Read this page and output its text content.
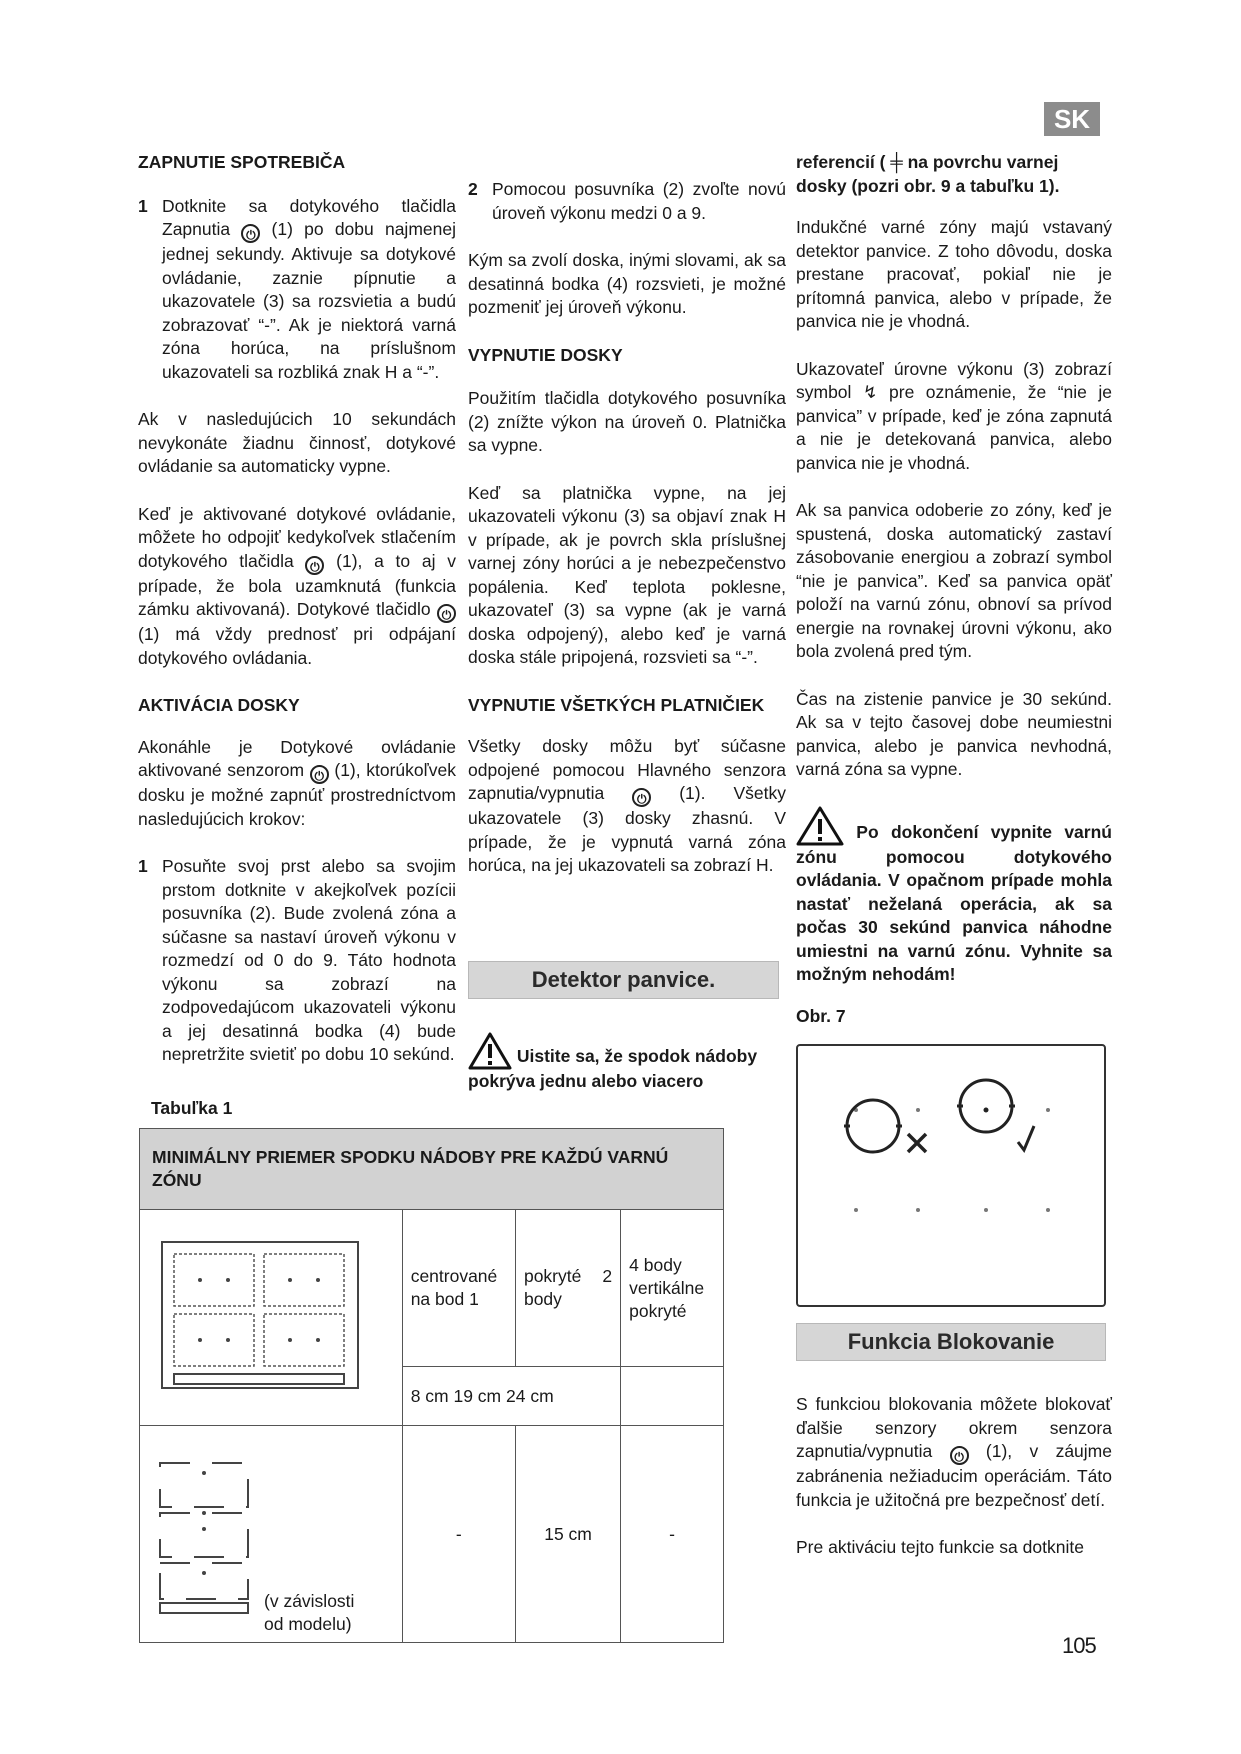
SK

ZAPNUTIE SPOTREBIČA

1 Dotknite sa dotykového tlačidla Zapnutia ⏻ (1) po dobu najmenej jednej sekundy. Aktivuje sa dotykové ovládanie, zaznie pípnutie a ukazovatele (3) sa rozsvietia a budú zobrazovať “-”. Ak je niektorá varná zóna horúca, na príslušnom ukazovateli sa rozbliká znak H a “-”.

Ak v nasledujúcich 10 sekundách nevykonáte žiadnu činnosť, dotykové ovládanie sa automaticky vypne.

Keď je aktivované dotykové ovládanie, môžete ho odpojiť kedykoľvek stlačením dotykového tlačidla ⏻ (1), a to aj v prípade, že bola uzamknutá (funkcia zámku aktivovaná). Dotykové tlačidlo ⏻ (1) má vždy prednosť pri odpájaní dotykového ovládania.

AKTIVÁCIA DOSKY

Akonáhle je Dotykové ovládanie aktivované senzorom ⏻ (1), ktorúkoľvek dosku je možné zapnúť prostredníctvom nasledujúcich krokov:

1 Posuňte svoj prst alebo sa svojim prstom dotknite v akejkoľvek pozícii posuvníka (2). Bude zvolená zóna a súčasne sa nastaví úroveň výkonu v rozmedzí od 0 do 9. Táto hodnota výkonu sa zobrazí na zodpovedajúcom ukazovateli výkonu a jej desatinná bodka (4) bude nepretržite svietiť po dobu 10 sekúnd.
Tabuľka 1
2 Pomocou posuvníka (2) zvoľte novú úroveň výkonu medzi 0 a 9.

Kým sa zvolí doska, inými slovami, ak sa desatinná bodka (4) rozsvieti, je možné pozmeniť jej úroveň výkonu.

VYPNUTIE DOSKY

Použitím tlačidla dotykového posuvníka (2) znížte výkon na úroveň 0. Platnička sa vypne.

Keď sa platnička vypne, na jej ukazovateli výkonu (3) sa objaví znak H v prípade, ak je povrch skla príslušnej varnej zóny horúci a je nebezpečenstvo popálenia. Keď teplota poklesne, ukazovateľ (3) sa vypne (ak je varná doska odpojený), alebo keď je varná doska stále pripojená, rozsvieti sa “-”.

VYPNUTIE VŠETKÝCH PLATNIČIEK

Všetky dosky môžu byť súčasne odpojené pomocou Hlavného senzora zapnutia/vypnutia	⏻ (1). Všetky ukazovatele (3) dosky zhasnú. V prípade, že je vypnutá varná zóna horúca, na jej ukazovateli sa zobrazí H.

Detektor panvice.
Uistite sa, že spodok nádoby pokrýva jednu alebo viacero

referencií ( ╪ na povrchu varnej dosky (pozri obr. 9 a tabuľku 1).

Indukčné varné zóny majú vstavaný detektor panvice. Z toho dôvodu, doska prestane pracovať, pokiaľ nie je prítomná panvica, alebo v prípade, že panvica nie je vhodná.

Ukazovateľ úrovne výkonu (3) zobrazí symbol ↯ pre oznámenie, že “nie je panvica” v prípade, keď je zóna zapnutá a nie je detekovaná panvica, alebo panvica nie je vhodná.

Ak sa panvica odoberie zo zóny, keď je spustená, doska automatický zastaví zásobovanie energiou a zobrazí symbol “nie je panvica”. Keď sa panvica opäť položí na varnú zónu, obnoví sa prívod energie na rovnakej úrovni výkonu, ako bola zvolená pred tým.

Čas na zistenie panvice je 30 sekúnd. Ak sa v tejto časovej dobe neumiestni panvica, alebo je panvica nevhodná, varná zóna sa vypne.

Po dokončení vypnite varnú zónu pomocou dotykového ovládania. V opačnom prípade mohla nastať neželaná operácia, ak sa počas 30 sekúnd panvica náhodne umiestni na varnú zónu. Vyhnite sa možným nehodám!

Obr. 7

Funkcia Blokovanie

S funkciou blokovania môžete blokovať ďalšie senzory okrem senzora zapnutia/vypnutia ⏻ (1), v záujme zabránenia nežiaducim operáciám. Táto funkcia je užitočná pre bezpečnosť detí.

Pre aktiváciu tejto funkcie sa dotknite

MINIMÁLNY PRIEMER SPODKU NÁDOBY PRE KAŽDÚ VARNÚ ZÓNU			
	centrované na bod 1	pokryté 2 body	4 body vertikálne pokryté
	8 cm 19 cm 24 cm		

(v závislosti od modelu)	-	15 cm	-
105
